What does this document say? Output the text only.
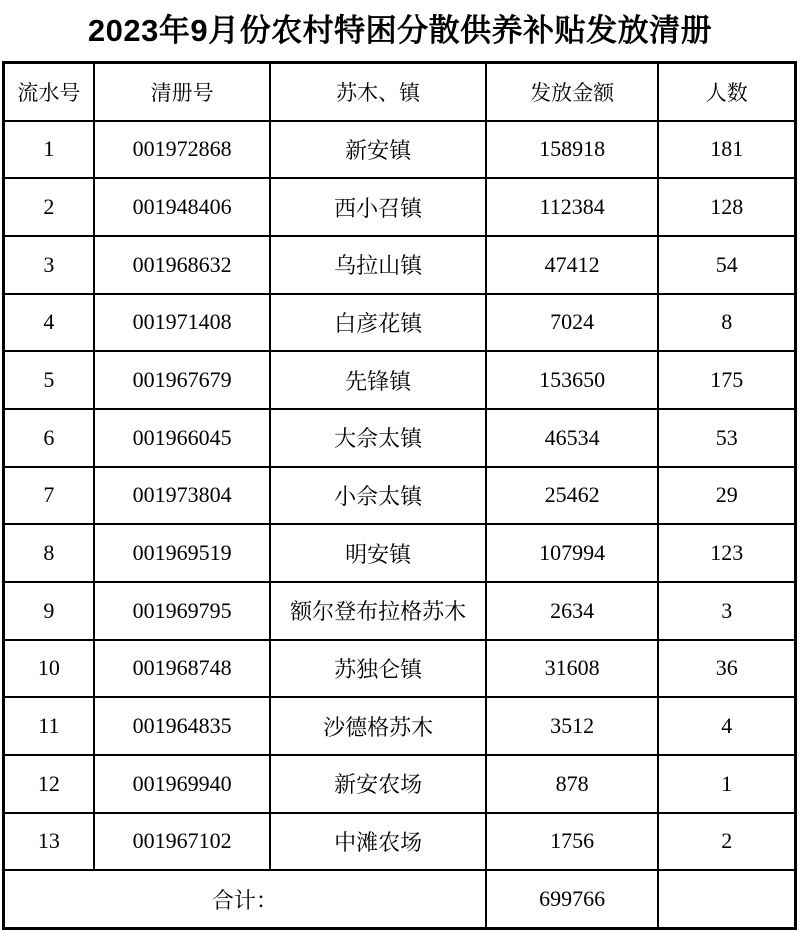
2023年9月份农村特困分散供养补贴发放清册
流水号	清册号	苏木、镇	发放金额	人数
1	001972868	新安镇	158918	181
2	001948406	西小召镇	112384	128
3	001968632	乌拉山镇	47412	54
4	001971408	白彦花镇	7024	8
5	001967679	先锋镇	153650	175
6	001966045	大佘太镇	46534	53
7	001973804	小佘太镇	25462	29
8	001969519	明安镇	107994	123
9	001969795	额尔登布拉格苏木	2634	3
10	001968748	苏独仑镇	31608	36
11	001964835	沙德格苏木	3512	4
12	001969940	新安农场	878	1
13	001967102	中滩农场	1756	2
合计：			699766	
